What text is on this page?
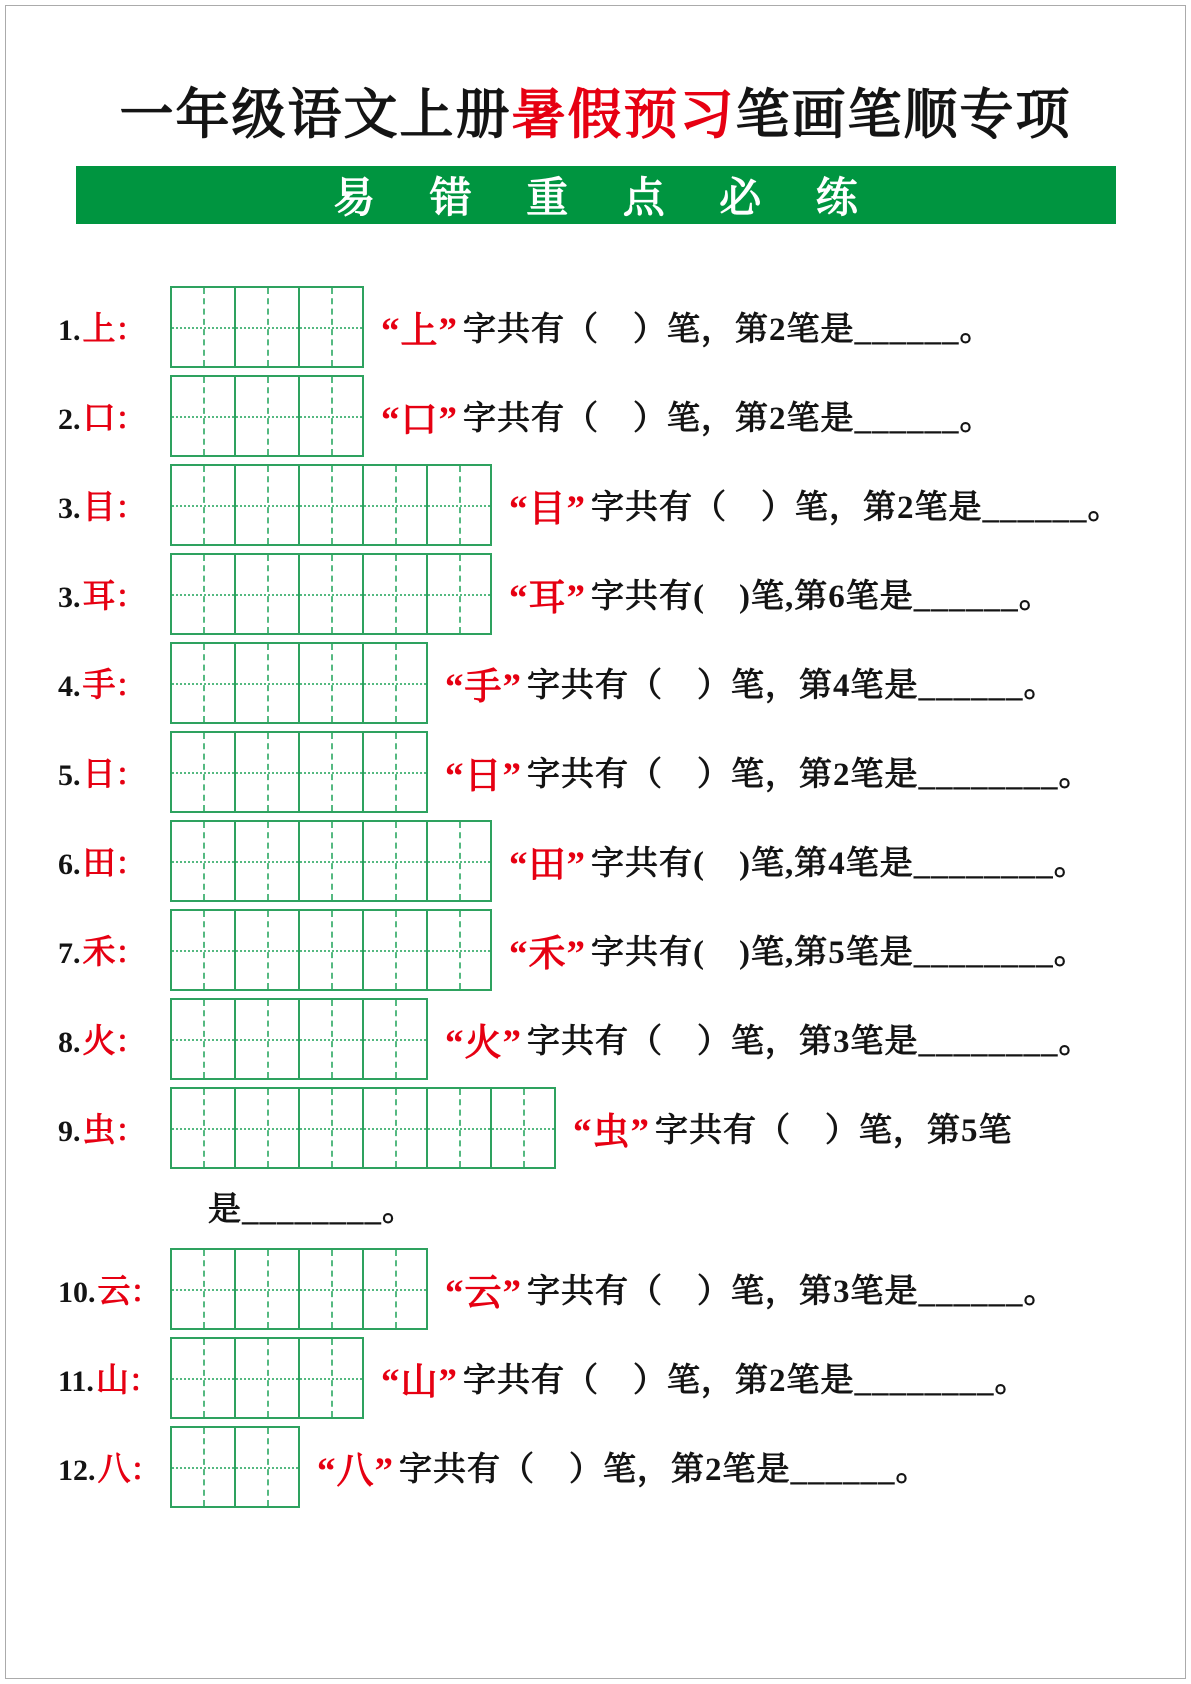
一年级语文上册暑假预习笔画笔顺专项
易 错 重 点 必 练
1. 上 ：	“上” 字共有（　）笔，第2笔是______。
2. 口 ：	“口” 字共有（　）笔，第2笔是______。
3. 目 ：	“目” 字共有（　）笔，第2笔是______。
3. 耳 ：	“耳” 字共有(　)笔,第6笔是______。
4. 手 ：	“手” 字共有（　）笔，第4笔是______。
5. 日 ：	“日” 字共有（　）笔，第2笔是________。
6. 田 ：	“田” 字共有(　)笔,第4笔是________。
7. 禾 ：	“禾” 字共有(　)笔,第5笔是________。
8. 火 ：	“火” 字共有（　）笔，第3笔是________。
9. 虫 ：	“虫” 字共有（　）笔，第5笔
是________。
10. 云 ：	“云” 字共有（　）笔，第3笔是______。
11. 山 ：	“山” 字共有（　）笔，第2笔是________。
12. 八 ：	“八” 字共有（　）笔，第2笔是______。
